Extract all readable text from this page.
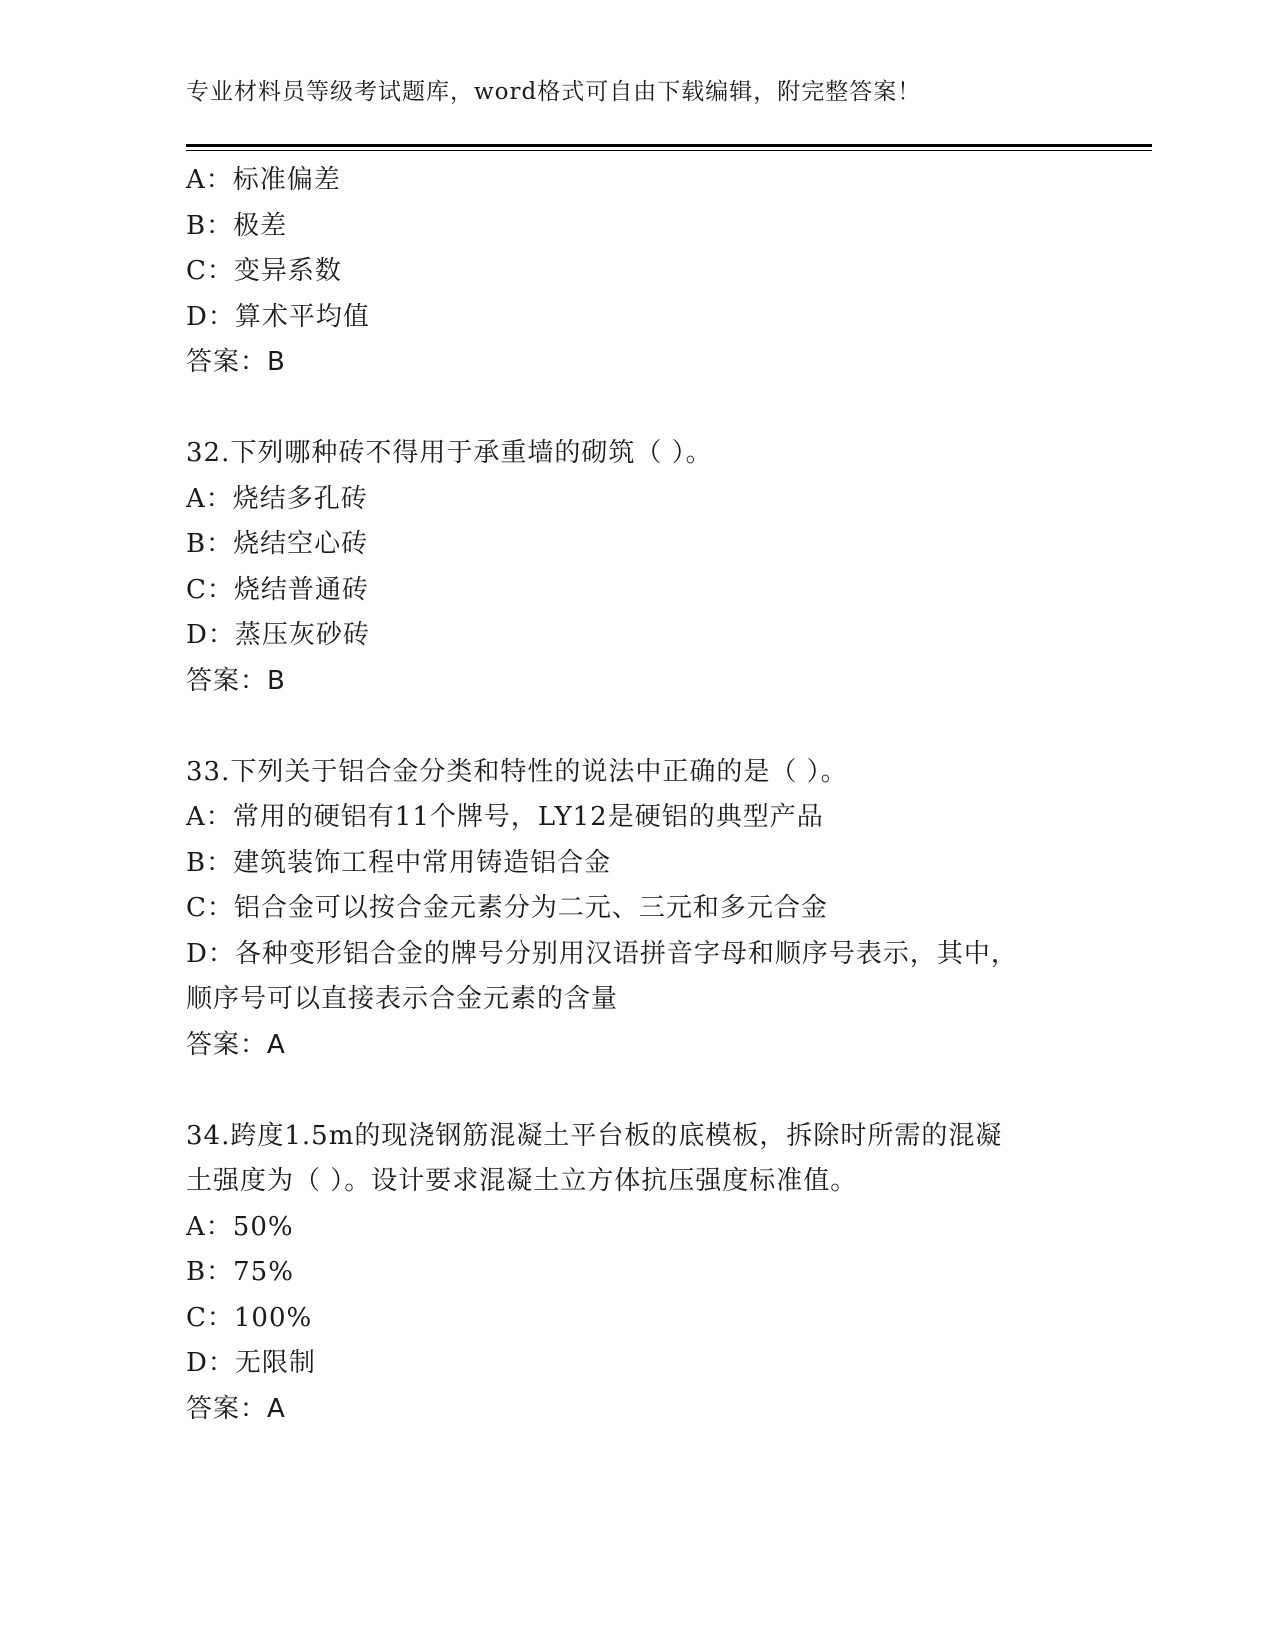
专业材料员等级考试题库，word格式可自由下载编辑，附完整答案！
A：标准偏差
B：极差
C：变异系数
D：算术平均值
答案：B
32.下列哪种砖不得用于承重墙的砌筑（ ）。
A：烧结多孔砖
B：烧结空心砖
C：烧结普通砖
D：蒸压灰砂砖
答案：B
33.下列关于铝合金分类和特性的说法中正确的是（ ）。
A：常用的硬铝有11个牌号，LY12是硬铝的典型产品
B：建筑装饰工程中常用铸造铝合金
C：铝合金可以按合金元素分为二元、三元和多元合金
D：各种变形铝合金的牌号分别用汉语拼音字母和顺序号表示，其中，
顺序号可以直接表示合金元素的含量
答案：A
34.跨度1.5m的现浇钢筋混凝土平台板的底模板，拆除时所需的混凝
土强度为（ ）。设计要求混凝土立方体抗压强度标准值。
A：50%
B：75%
C：100%
D：无限制
答案：A
